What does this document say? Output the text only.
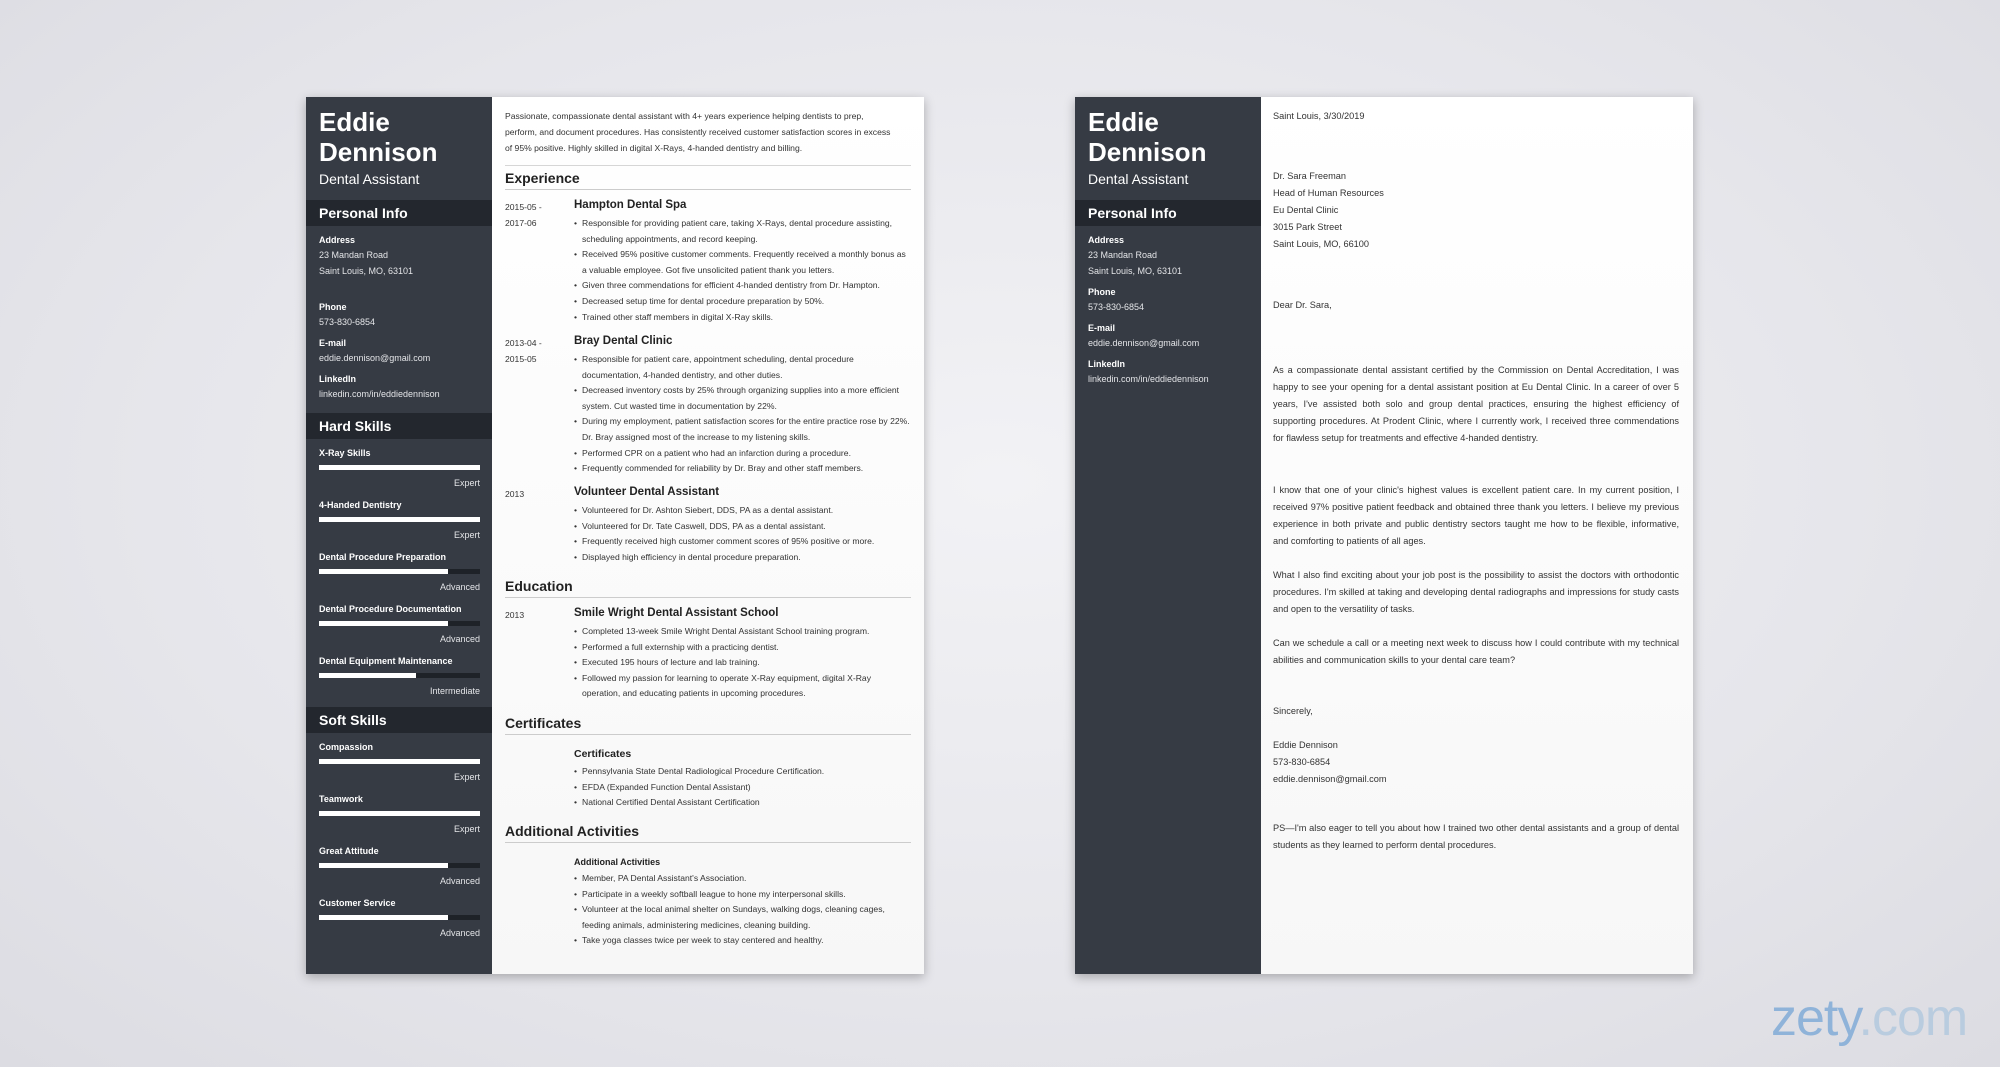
Eddie
Dennison
Dental Assistant
Personal Info
Address
23 Mandan Road
Saint Louis, MO, 63101
Phone
573-830-6854
E-mail
eddie.dennison@gmail.com
LinkedIn
linkedin.com/in/eddiedennison
Hard Skills
X-Ray Skills
Expert
4-Handed Dentistry
Expert
Dental Procedure Preparation
Advanced
Dental Procedure Documentation
Advanced
Dental Equipment Maintenance
Intermediate
Soft Skills
Compassion
Expert
Teamwork
Expert
Great Attitude
Advanced
Customer Service
Advanced
Passionate, compassionate dental assistant with 4+ years experience helping dentists to prep, perform, and document procedures. Has consistently received customer satisfaction scores in excess of 95% positive. Highly skilled in digital X-Rays, 4-handed dentistry and billing.
Experience
2015-05 -
2017-06
Hampton Dental Spa
• Responsible for providing patient care, taking X-Rays, dental procedure assisting, scheduling appointments, and record keeping.
• Received 95% positive customer comments. Frequently received a monthly bonus as a valuable employee. Got five unsolicited patient thank you letters.
• Given three commendations for efficient 4-handed dentistry from Dr. Hampton.
• Decreased setup time for dental procedure preparation by 50%.
• Trained other staff members in digital X-Ray skills.
2013-04 -
2015-05
Bray Dental Clinic
• Responsible for patient care, appointment scheduling, dental procedure documentation, 4-handed dentistry, and other duties.
• Decreased inventory costs by 25% through organizing supplies into a more efficient system. Cut wasted time in documentation by 22%.
• During my employment, patient satisfaction scores for the entire practice rose by 22%. Dr. Bray assigned most of the increase to my listening skills.
• Performed CPR on a patient who had an infarction during a procedure.
• Frequently commended for reliability by Dr. Bray and other staff members.
2013	Volunteer Dental Assistant
• Volunteered for Dr. Ashton Siebert, DDS, PA as a dental assistant.
• Volunteered for Dr. Tate Caswell, DDS, PA as a dental assistant.
• Frequently received high customer comment scores of 95% positive or more.
• Displayed high efficiency in dental procedure preparation.
Education
2013	Smile Wright Dental Assistant School
• Completed 13-week Smile Wright Dental Assistant School training program.
• Performed a full externship with a practicing dentist.
• Executed 195 hours of lecture and lab training.
• Followed my passion for learning to operate X-Ray equipment, digital X-Ray operation, and educating patients in upcoming procedures.
Certificates
Certificates
• Pennsylvania State Dental Radiological Procedure Certification.
• EFDA (Expanded Function Dental Assistant)
• National Certified Dental Assistant Certification
Additional Activities
Additional Activities
• Member, PA Dental Assistant's Association.
• Participate in a weekly softball league to hone my interpersonal skills.
• Volunteer at the local animal shelter on Sundays, walking dogs, cleaning cages, feeding animals, administering medicines, cleaning building.
• Take yoga classes twice per week to stay centered and healthy.
Eddie
Dennison
Dental Assistant
Personal Info
Address
23 Mandan Road
Saint Louis, MO, 63101
Phone
573-830-6854
E-mail
eddie.dennison@gmail.com
LinkedIn
linkedin.com/in/eddiedennison
Saint Louis, 3/30/2019
Dr. Sara Freeman
Head of Human Resources
Eu Dental Clinic
3015 Park Street
Saint Louis, MO, 66100
Dear Dr. Sara,
As a compassionate dental assistant certified by the Commission on Dental Accreditation, I was happy to see your opening for a dental assistant position at Eu Dental Clinic. In a career of over 5 years, I've assisted both solo and group dental practices, ensuring the highest efficiency of supporting procedures. At Prodent Clinic, where I currently work, I received three commendations for flawless setup for treatments and effective 4-handed dentistry.
I know that one of your clinic's highest values is excellent patient care. In my current position, I received 97% positive patient feedback and obtained three thank you letters. I believe my previous experience in both private and public dentistry sectors taught me how to be flexible, informative, and comforting to patients of all ages.
What I also find exciting about your job post is the possibility to assist the doctors with orthodontic procedures. I'm skilled at taking and developing dental radiographs and impressions for study casts and open to the versatility of tasks.
Can we schedule a call or a meeting next week to discuss how I could contribute with my technical abilities and communication skills to your dental care team?
Sincerely,
Eddie Dennison
573-830-6854
eddie.dennison@gmail.com
PS—I'm also eager to tell you about how I trained two other dental assistants and a group of dental students as they learned to perform dental procedures.
zety.com
